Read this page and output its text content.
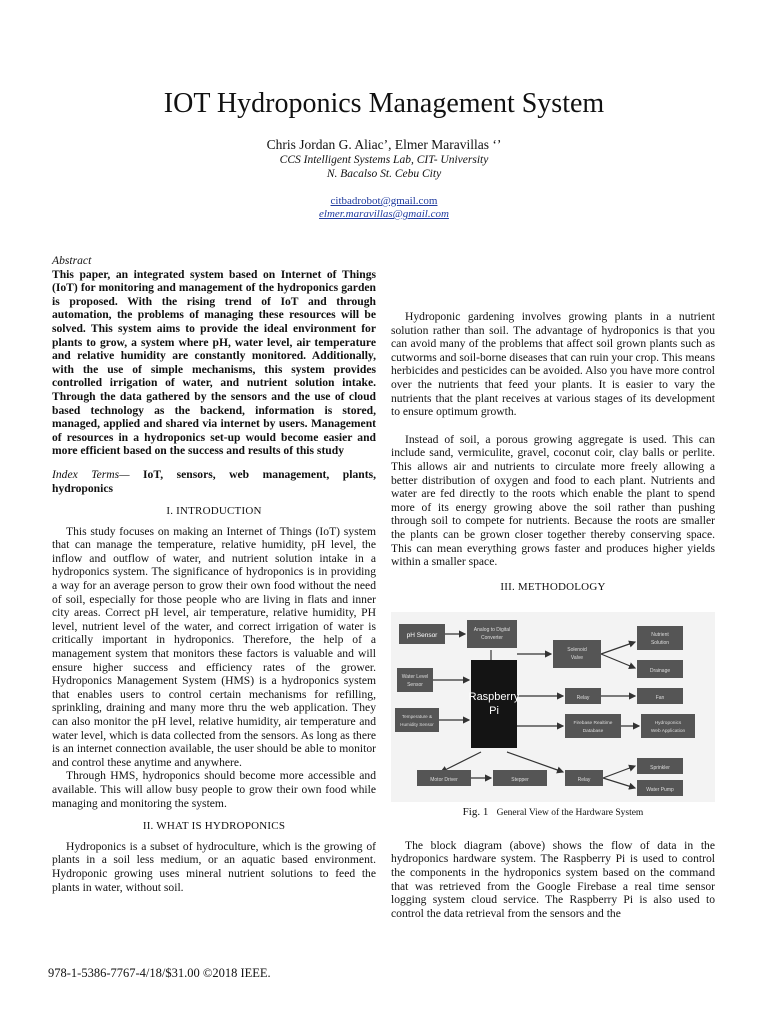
IOT Hydroponics Management System
Chris Jordan G. Aliac’, Elmer Maravillas ‘’
CCS Intelligent Systems Lab, CIT- University
N. Bacalso St. Cebu City
citbadrobot@gmail.com
elmer.maravillas@gmail.com

Abstract

This paper, an integrated system based on Internet of Things (IoT) for monitoring and management of the hydroponics garden is proposed. With the rising trend of IoT and through automation, the problems of managing these resources will be solved. This system aims to provide the ideal environment for plants to grow, a system where pH, water level, air temperature and relative humidity are constantly monitored. Additionally, with the use of simple mechanisms, this system provides controlled irrigation of water, and nutrient solution intake. Through the data gathered by the sensors and the use of cloud based technology as the backend, information is stored, managed, applied and shared via internet by users. Management of resources in a hydroponics set-up would become easier and more efficient based on the success and results of this study

Index Terms— IoT, sensors, web management, plants, hydroponics

I. INTRODUCTION

This study focuses on making an Internet of Things (IoT) system that can manage the temperature, relative humidity, pH level, the inflow and outflow of water, and nutrient solution intake in a hydroponics system. The significance of hydroponics is in providing a way for an average person to grow their own food without the need of soil, especially for those people who are living in flats and inner city areas. Correct pH level, air temperature, relative humidity, PH level, nutrient level of the water, and correct irrigation of water is critically important in hydroponics. Therefore, the help of a management system that monitors these factors is valuable and will ensure higher success and efficiency rates of the grower. Hydroponics Management System (HMS) is a hydroponics system that enables users to control certain mechanisms for refilling, sprinkling, draining and many more thru the web application. They can also monitor the pH level, relative humidity, air temperature and water level, which is data collected from the sensors. As long as there is an internet connection available, the user should be able to monitor and control these anytime and anywhere.

Through HMS, hydroponics should become more accessible and available. This will allow busy people to grow their own food while managing and monitoring the system.

II. WHAT IS HYDROPONICS

Hydroponics is a subset of hydroculture, which is the growing of plants in a soil less medium, or an aquatic based environment. Hydroponic growing uses mineral nutrient solutions to feed the plants in water, without soil.

Hydroponic gardening involves growing plants in a nutrient solution rather than soil. The advantage of hydroponics is that you can avoid many of the problems that affect soil grown plants such as cutworms and soil-borne diseases that can ruin your crop. This means herbicides and pesticides can be avoided. Also you have more control over the nutrients that feed your plants. It is easier to vary the nutrients that the plant receives at various stages of its development to ensure optimum growth.

Instead of soil, a porous growing aggregate is used. This can include sand, vermiculite, gravel, coconut coir, clay balls or perlite. This allows air and nutrients to circulate more freely allowing a better distribution of oxygen and food to each plant. Nutrients and water are fed directly to the roots which enable the plant to spend more of its energy growing above the soil rather than pushing through soil to compete for nutrients. Because the roots are smaller the plants can be grown closer together thereby conserving space. This can mean everything grows faster and produces higher yields within a smaller space.

III. METHODOLOGY
pH Sensor
Analog to Digital
Converter
Solenoid
Valve
Nutrient
Solution
Drainage
Water Level
Sensor
Raspberry
Pi
Relay	Fan
Temperature &
Humidity Sensor	Firebase Realtime
Database
Hydroponics
Web Application
Motor Driver	Stepper	Relay
Sprinkler
Water Pump
Fig. 1 General View of the Hardware System

The block diagram (above) shows the flow of data in the hydroponics hardware system. The Raspberry Pi is used to control the components in the hydroponics system based on the command that was retrieved from the Google Firebase a real time sensor logging system cloud service. The Raspberry Pi is also used to control the data retrieval from the sensors and the

978-1-5386-7767-4/18/$31.00 ©2018 IEEE.
